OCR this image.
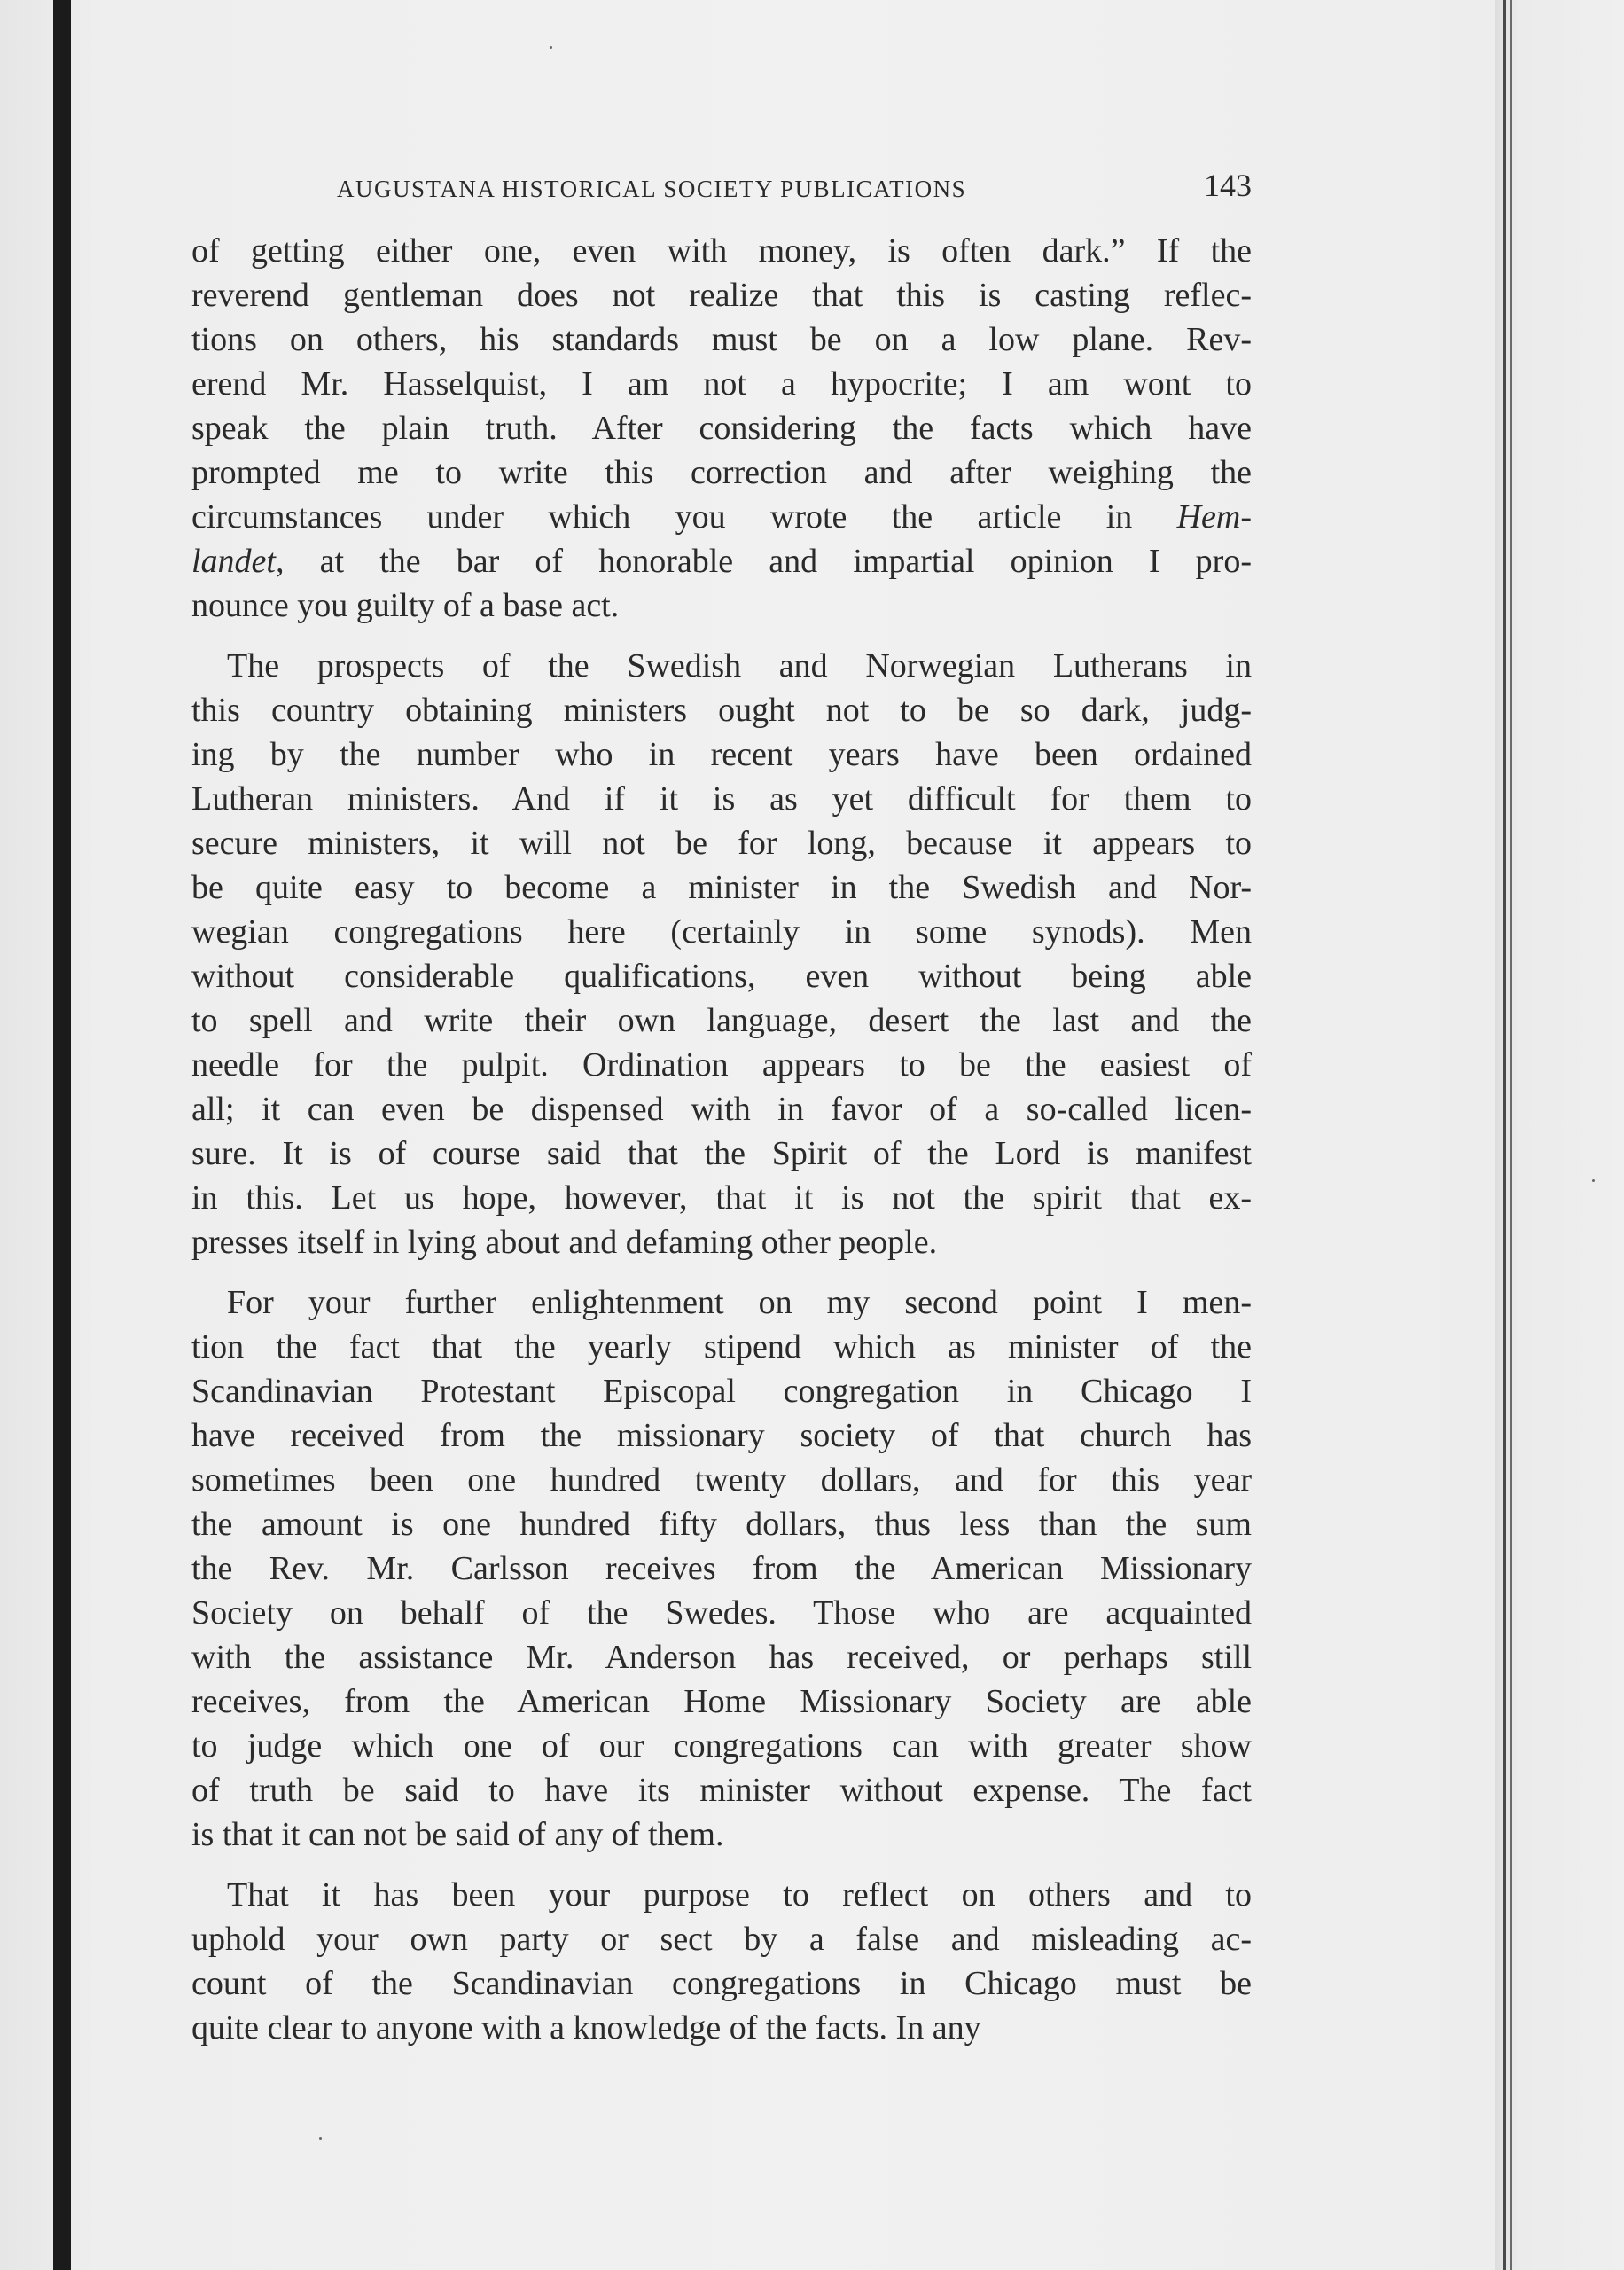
AUGUSTANA HISTORICAL SOCIETY PUBLICATIONS	143
of getting either one, even with money, is often dark.” If the
reverend gentleman does not realize that this is casting reflec-
tions on others, his standards must be on a low plane. Rev-
erend Mr. Hasselquist, I am not a hypocrite; I am wont to
speak the plain truth. After considering the facts which have
prompted me to write this correction and after weighing the
circumstances under which you wrote the article in Hem-
landet, at the bar of honorable and impartial opinion I pro-
nounce you guilty of a base act.
The prospects of the Swedish and Norwegian Lutherans in
this country obtaining ministers ought not to be so dark, judg-
ing by the number who in recent years have been ordained
Lutheran ministers. And if it is as yet difficult for them to
secure ministers, it will not be for long, because it appears to
be quite easy to become a minister in the Swedish and Nor-
wegian congregations here (certainly in some synods). Men
without considerable qualifications, even without being able
to spell and write their own language, desert the last and the
needle for the pulpit. Ordination appears to be the easiest of
all; it can even be dispensed with in favor of a so-called licen-
sure. It is of course said that the Spirit of the Lord is manifest
in this. Let us hope, however, that it is not the spirit that ex-
presses itself in lying about and defaming other people.
For your further enlightenment on my second point I men-
tion the fact that the yearly stipend which as minister of the
Scandinavian Protestant Episcopal congregation in Chicago I
have received from the missionary society of that church has
sometimes been one hundred twenty dollars, and for this year
the amount is one hundred fifty dollars, thus less than the sum
the Rev. Mr. Carlsson receives from the American Missionary
Society on behalf of the Swedes. Those who are acquainted
with the assistance Mr. Anderson has received, or perhaps still
receives, from the American Home Missionary Society are able
to judge which one of our congregations can with greater show
of truth be said to have its minister without expense. The fact
is that it can not be said of any of them.
That it has been your purpose to reflect on others and to
uphold your own party or sect by a false and misleading ac-
count of the Scandinavian congregations in Chicago must be
quite clear to anyone with a knowledge of the facts. In any
